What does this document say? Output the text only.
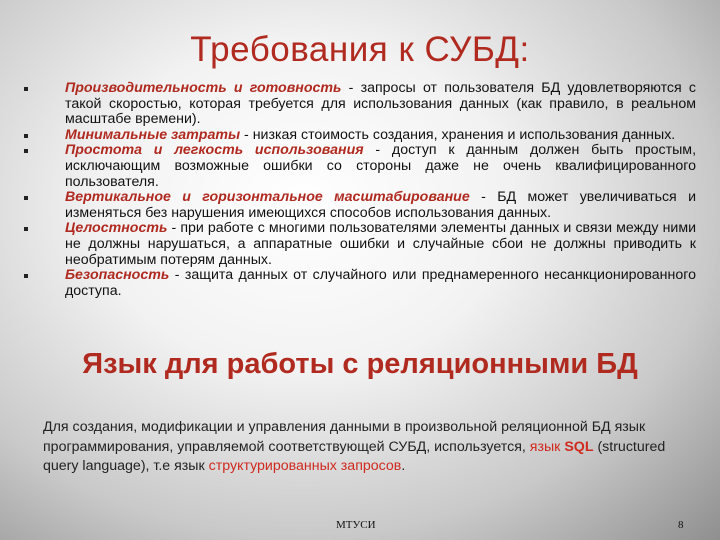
Требования к СУБД:
Производительность и готовность - запросы от пользователя БД удовлетворяются с такой скоростью, которая требуется для использования данных (как правило, в реальном масштабе времени).
Минимальные затраты - низкая стоимость создания, хранения и использования данных.
Простота и легкость использования - доступ к данным должен быть простым, исключающим возможные ошибки со стороны даже не очень квалифицированного пользователя.
Вертикальное и горизонтальное масштабирование - БД может увеличиваться и изменяться без нарушения имеющихся способов использования данных.
Целостность - при работе с многими пользователями элементы данных и связи между ними не должны нарушаться, а аппаратные ошибки и случайные сбои не должны приводить к необратимым потерям данных.
Безопасность - защита данных от случайного или преднамеренного несанкционированного доступа.
Язык для работы с реляционными БД

Для создания, модификации и управления данными в произвольной реляционной БД язык программирования, управляемой соответствующей СУБД, используется, язык SQL (structured query language), т.е язык структурированных запросов.

МТУСИ	8
